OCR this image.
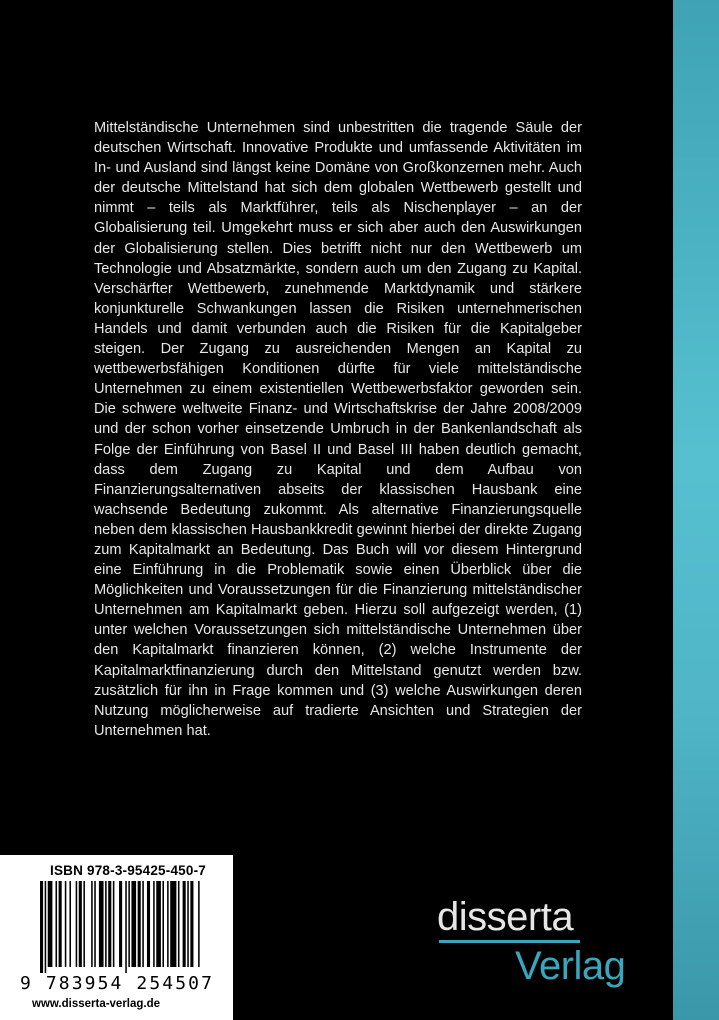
Mittelständische Unternehmen sind unbestritten die tragende Säule der deutschen Wirtschaft. Innovative Produkte und umfassende Aktivitäten im In- und Ausland sind längst keine Domäne von Großkonzernen mehr. Auch der deutsche Mittelstand hat sich dem globalen Wettbewerb gestellt und nimmt – teils als Marktführer, teils als Nischenplayer – an der Globalisierung teil. Umgekehrt muss er sich aber auch den Auswirkungen der Globalisierung stellen. Dies betrifft nicht nur den Wettbewerb um Technologie und Absatzmärkte, sondern auch um den Zugang zu Kapital. Verschärfter Wettbewerb, zunehmende Marktdynamik und stärkere konjunkturelle Schwankungen lassen die Risiken unternehmerischen Handels und damit verbunden auch die Risiken für die Kapitalgeber steigen. Der Zugang zu ausreichenden Mengen an Kapital zu wettbewerbsfähigen Konditionen dürfte für viele mittelständische Unternehmen zu einem existentiellen Wettbewerbsfaktor geworden sein. Die schwere weltweite Finanz- und Wirtschaftskrise der Jahre 2008/2009 und der schon vorher einsetzende Umbruch in der Bankenlandschaft als Folge der Einführung von Basel II und Basel III haben deutlich gemacht, dass dem Zugang zu Kapital und dem Aufbau von Finanzierungsalternativen abseits der klassischen Hausbank eine wachsende Bedeutung zukommt. Als alternative Finanzierungsquelle neben dem klassischen Hausbankkredit gewinnt hierbei der direkte Zugang zum Kapitalmarkt an Bedeutung. Das Buch will vor diesem Hintergrund eine Einführung in die Problematik sowie einen Überblick über die Möglichkeiten und Voraussetzungen für die Finanzierung mittelständischer Unternehmen am Kapitalmarkt geben. Hierzu soll aufgezeigt werden, (1) unter welchen Voraussetzungen sich mittelständische Unternehmen über den Kapitalmarkt finanzieren können, (2) welche Instrumente der Kapitalmarktfinanzierung durch den Mittelstand genutzt werden bzw. zusätzlich für ihn in Frage kommen und (3) welche Auswirkungen deren Nutzung möglicherweise auf tradierte Ansichten und Strategien der Unternehmen hat.
ISBN 978-3-95425-450-7
9 783954 254507
www.disserta-verlag.de
disserta
Verlag
